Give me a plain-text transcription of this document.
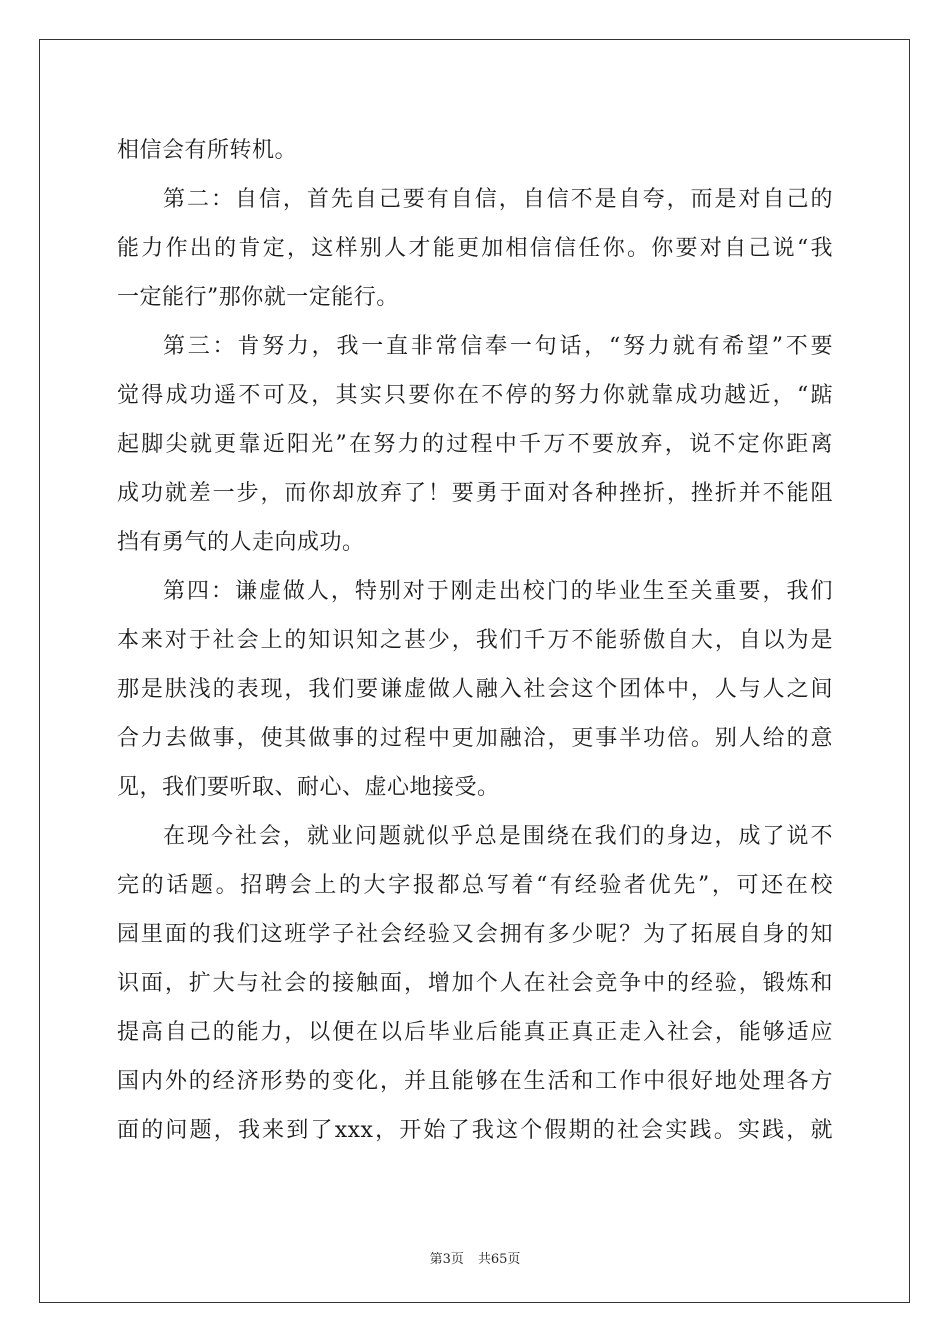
相信会有所转机。
第二：自信，首先自己要有自信，自信不是自夸，而是对自己的
能力作出的肯定，这样别人才能更加相信信任你。你要对自己说“我
一定能行”那你就一定能行。
第三：肯努力，我一直非常信奉一句话，“努力就有希望”不要
觉得成功遥不可及，其实只要你在不停的努力你就靠成功越近，“踮
起脚尖就更靠近阳光”在努力的过程中千万不要放弃，说不定你距离
成功就差一步，而你却放弃了！要勇于面对各种挫折，挫折并不能阻
挡有勇气的人走向成功。
第四：谦虚做人，特别对于刚走出校门的毕业生至关重要，我们
本来对于社会上的知识知之甚少，我们千万不能骄傲自大，自以为是
那是肤浅的表现，我们要谦虚做人融入社会这个团体中，人与人之间
合力去做事，使其做事的过程中更加融洽，更事半功倍。别人给的意
见，我们要听取、耐心、虚心地接受。
在现今社会，就业问题就似乎总是围绕在我们的身边，成了说不
完的话题。招聘会上的大字报都总写着“有经验者优先”，可还在校
园里面的我们这班学子社会经验又会拥有多少呢？为了拓展自身的知
识面，扩大与社会的接触面，增加个人在社会竞争中的经验，锻炼和
提高自己的能力，以便在以后毕业后能真正真正走入社会，能够适应
国内外的经济形势的变化，并且能够在生活和工作中很好地处理各方
面的问题，我来到了xxx，开始了我这个假期的社会实践。实践，就
第3页 共65页
